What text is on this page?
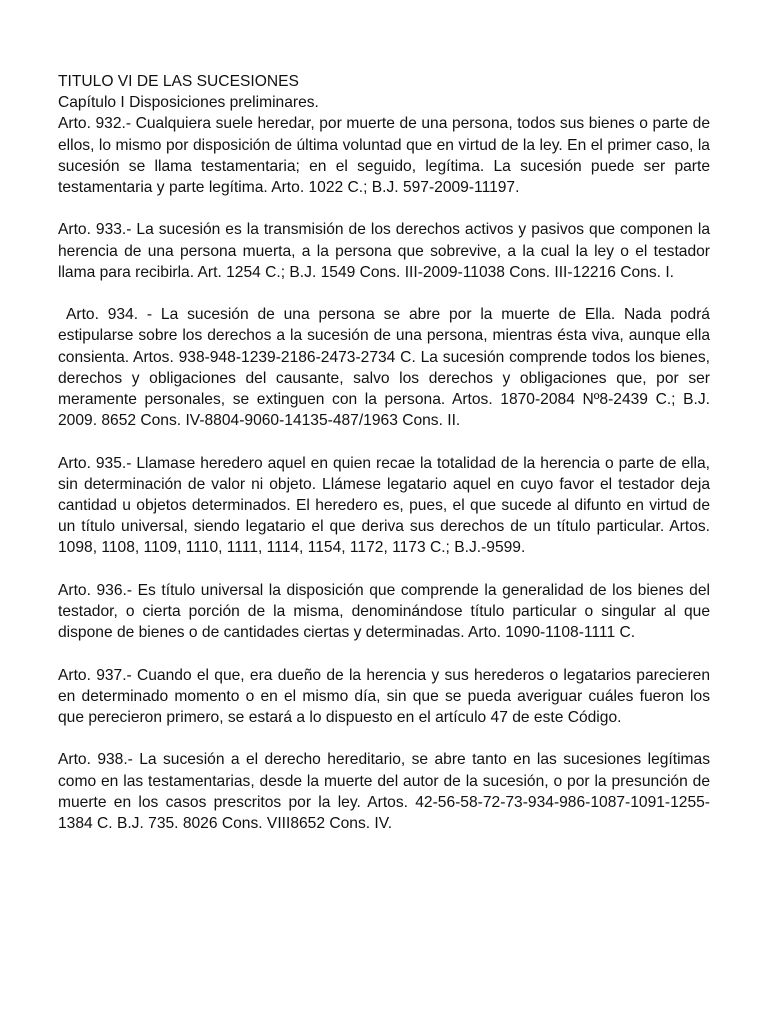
TITULO VI DE LAS SUCESIONES
Capítulo I Disposiciones preliminares.

Arto. 932.- Cualquiera suele heredar, por muerte de una persona, todos sus bienes o parte de ellos, lo mismo por disposición de última voluntad que en virtud de la ley. En el primer caso, la sucesión se llama testamentaria; en el seguido, legítima. La sucesión puede ser parte testamentaria y parte legítima. Arto. 1022 C.; B.J. 597-2009-11197.

Arto. 933.- La sucesión es la transmisión de los derechos activos y pasivos que componen la herencia de una persona muerta, a la persona que sobrevive, a la cual la ley o el testador llama para recibirla. Art. 1254 C.; B.J. 1549 Cons. III-2009-11038 Cons. III-12216 Cons. I.

Arto. 934. - La sucesión de una persona se abre por la muerte de Ella. Nada podrá estipularse sobre los derechos a la sucesión de una persona, mientras ésta viva, aunque ella consienta. Artos. 938-948-1239-2186-2473-2734 C. La sucesión comprende todos los bienes, derechos y obligaciones del causante, salvo los derechos y obligaciones que, por ser meramente personales, se extinguen con la persona. Artos. 1870-2084 Nº8-2439 C.; B.J. 2009. 8652 Cons. IV-8804-9060-14135-487/1963 Cons. II.

Arto. 935.- Llamase heredero aquel en quien recae la totalidad de la herencia o parte de ella, sin determinación de valor ni objeto. Llámese legatario aquel en cuyo favor el testador deja cantidad u objetos determinados. El heredero es, pues, el que sucede al difunto en virtud de un título universal, siendo legatario el que deriva sus derechos de un título particular. Artos. 1098, 1108, 1109, 1110, 1111, 1114, 1154, 1172, 1173 C.; B.J.-9599.

Arto. 936.- Es título universal la disposición que comprende la generalidad de los bienes del testador, o cierta porción de la misma, denominándose título particular o singular al que dispone de bienes o de cantidades ciertas y determinadas. Arto. 1090-1108-1111 C.

Arto. 937.- Cuando el que, era dueño de la herencia y sus herederos o legatarios parecieren en determinado momento o en el mismo día, sin que se pueda averiguar cuáles fueron los que perecieron primero, se estará a lo dispuesto en el artículo 47 de este Código.

Arto. 938.- La sucesión a el derecho hereditario, se abre tanto en las sucesiones legítimas como en las testamentarias, desde la muerte del autor de la sucesión, o por la presunción de muerte en los casos prescritos por la ley. Artos. 42-56-58-72-73-934-986-1087-1091-1255-1384 C. B.J. 735. 8026 Cons. VIII8652 Cons. IV.
